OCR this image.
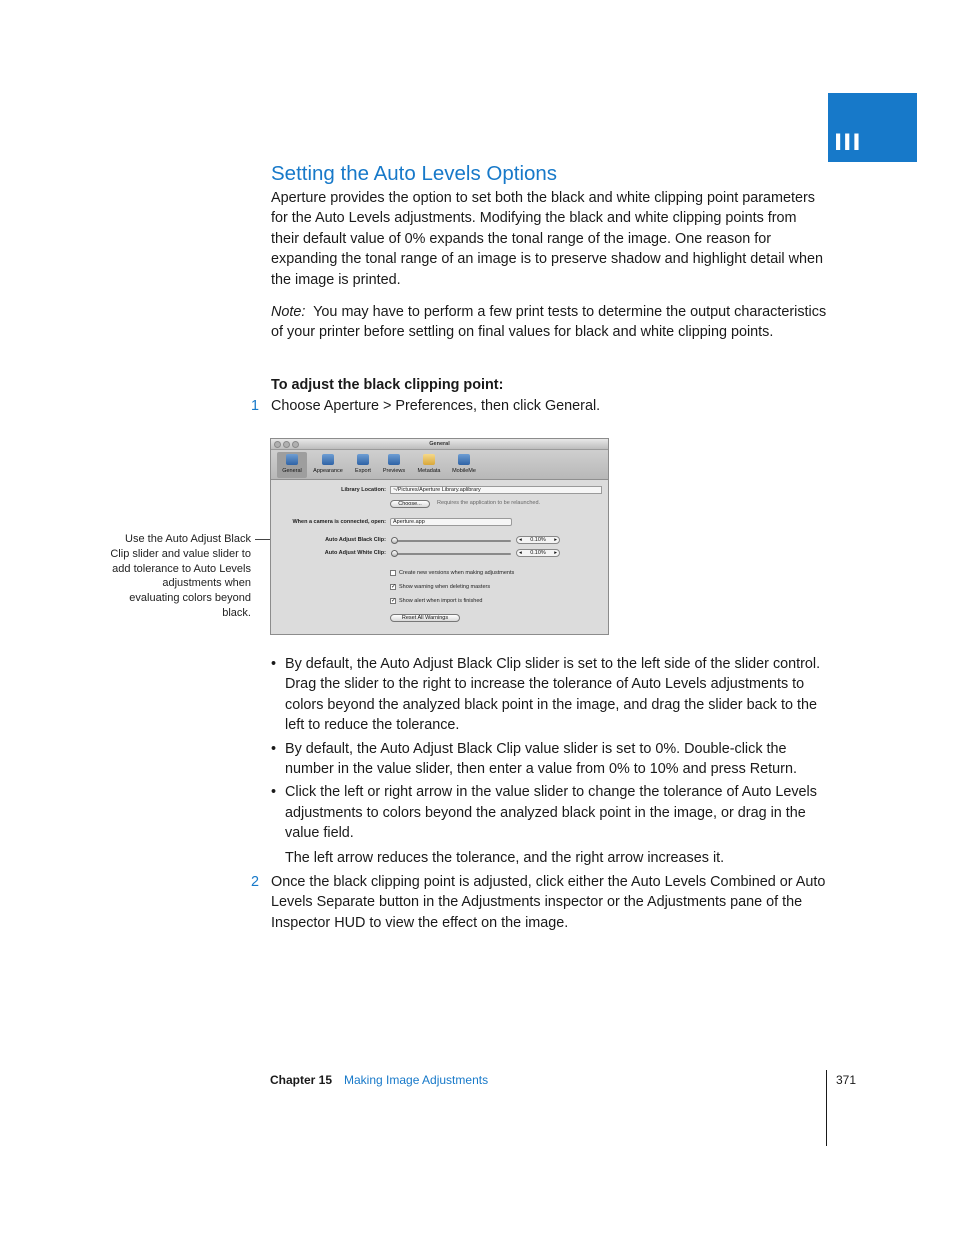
III
Setting the Auto Levels Options
Aperture provides the option to set both the black and white clipping point parameters for the Auto Levels adjustments. Modifying the black and white clipping points from their default value of 0% expands the tonal range of the image. One reason for expanding the tonal range of an image is to preserve shadow and highlight detail when the image is printed.
Note: You may have to perform a few print tests to determine the output characteristics of your printer before settling on final values for black and white clipping points.
To adjust the black clipping point:
1 Choose Aperture > Preferences, then click General.
Use the Auto Adjust Black Clip slider and value slider to add tolerance to Auto Levels adjustments when evaluating colors beyond black.
General
General	Appearance	Export	Previews	Metadata	MobileMe
Library Location:	~/Pictures/Aperture Library.aplibrary
Choose...	Requires the application to be relaunched.
When a camera is connected, open:	Aperture.app
Auto Adjust Black Clip:	◂ 0.10% ▸
Auto Adjust White Clip:	◂ 0.10% ▸
Create new versions when making adjustments
✓ Show warning when deleting masters
✓ Show alert when import is finished
Reset All Warnings
• By default, the Auto Adjust Black Clip slider is set to the left side of the slider control. Drag the slider to the right to increase the tolerance of Auto Levels adjustments to colors beyond the analyzed black point in the image, and drag the slider back to the left to reduce the tolerance.
• By default, the Auto Adjust Black Clip value slider is set to 0%. Double-click the number in the value slider, then enter a value from 0% to 10% and press Return.
• Click the left or right arrow in the value slider to change the tolerance of Auto Levels adjustments to colors beyond the analyzed black point in the image, or drag in the value field.
The left arrow reduces the tolerance, and the right arrow increases it.
2 Once the black clipping point is adjusted, click either the Auto Levels Combined or Auto Levels Separate button in the Adjustments inspector or the Adjustments pane of the Inspector HUD to view the effect on the image.
Chapter 15 Making Image Adjustments	371
